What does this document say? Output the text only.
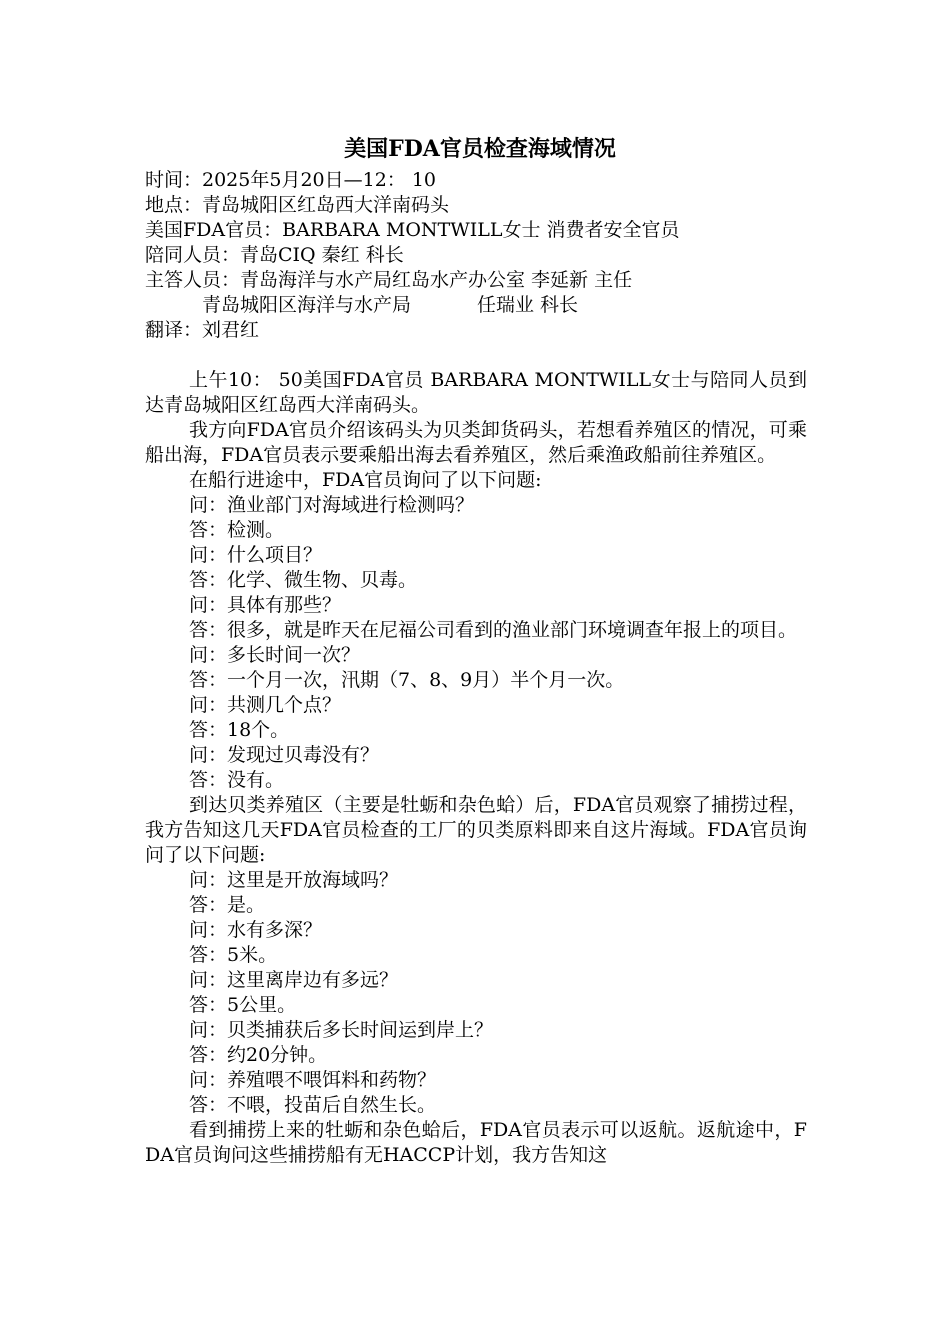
美国FDA官员检查海域情况
时间：2025年5月20日—12： 10
地点：青岛城阳区红岛西大洋南码头
美国FDA官员：BARBARA MONTWILL女士 消费者安全官员
陪同人员：青岛CIQ 秦红 科长
主答人员：青岛海洋与水产局红岛水产办公室 李延新 主任
青岛城阳区海洋与水产局	任瑞业 科长
翻译：刘君红

上午10： 50美国FDA官员 BARBARA MONTWILL女士与陪同人员到达青岛城阳区红岛西大洋南码头。

我方向FDA官员介绍该码头为贝类卸货码头，若想看养殖区的情况，可乘船出海，FDA官员表示要乘船出海去看养殖区，然后乘渔政船前往养殖区。

在船行进途中，FDA官员询问了以下问题:

问：渔业部门对海域进行检测吗？
答：检测。
问：什么项目？
答：化学、微生物、贝毒。
问：具体有那些？

答：很多，就是昨天在尼福公司看到的渔业部门环境调查年报上的项目。

问：多长时间一次？
答：一个月一次，汛期（7、8、9月）半个月一次。
问：共测几个点？
答：18个。
问：发现过贝毒没有？
答：没有。

到达贝类养殖区（主要是牡蛎和杂色蛤）后，FDA官员观察了捕捞过程，我方告知这几天FDA官员检查的工厂的贝类原料即来自这片海域。FDA官员询问了以下问题:

问：这里是开放海域吗？
答：是。
问：水有多深？
答：5米。
问：这里离岸边有多远？
答：5公里。
问：贝类捕获后多长时间运到岸上？
答：约20分钟。
问：养殖喂不喂饵料和药物？
答：不喂，投苗后自然生长。

看到捕捞上来的牡蛎和杂色蛤后，FDA官员表示可以返航。返航途中，FDA官员询问这些捕捞船有无HACCP计划，我方告知这
